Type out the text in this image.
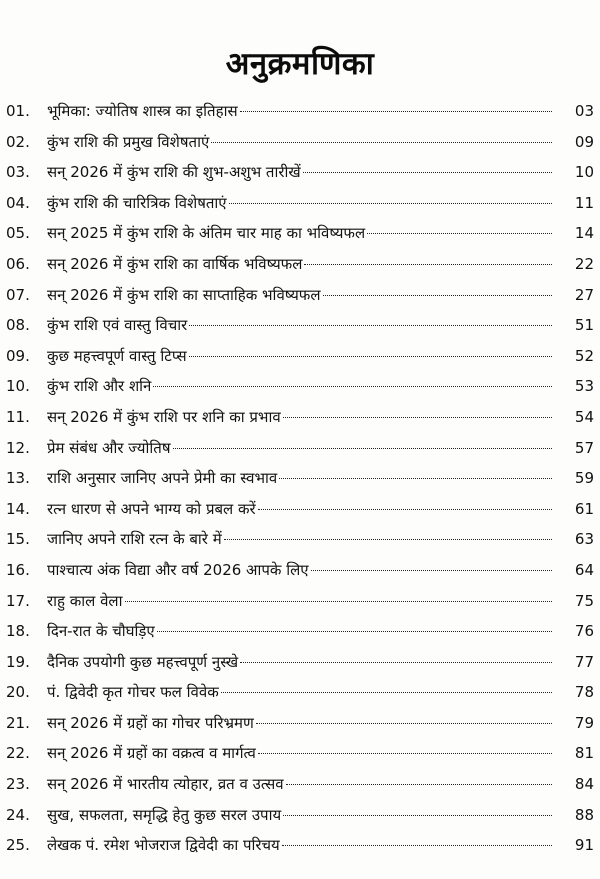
अनुक्रमणिका
01.	भूमिका: ज्योतिष शास्त्र का इतिहास	03
02.	कुंभ राशि की प्रमुख विशेषताएं	09
03.	सन् 2026 में कुंभ राशि की शुभ-अशुभ तारीखें	10
04.	कुंभ राशि की चारित्रिक विशेषताएं	11
05.	सन् 2025 में कुंभ राशि के अंतिम चार माह का भविष्यफल	14
06.	सन् 2026 में कुंभ राशि का वार्षिक भविष्यफल	22
07.	सन् 2026 में कुंभ राशि का साप्ताहिक भविष्यफल	27
08.	कुंभ राशि एवं वास्तु विचार	51
09.	कुछ महत्त्वपूर्ण वास्तु टिप्स	52
10.	कुंभ राशि और शनि	53
11.	सन् 2026 में कुंभ राशि पर शनि का प्रभाव	54
12.	प्रेम संबंध और ज्योतिष	57
13.	राशि अनुसार जानिए अपने प्रेमी का स्वभाव	59
14.	रत्न धारण से अपने भाग्य को प्रबल करें	61
15.	जानिए अपने राशि रत्न के बारे में	63
16.	पाश्चात्य अंक विद्या और वर्ष 2026 आपके लिए	64
17.	राहु काल वेला	75
18.	दिन-रात के चौघड़िए	76
19.	दैनिक उपयोगी कुछ महत्त्वपूर्ण नुस्खे	77
20.	पं. द्विवेदी कृत गोचर फल विवेक	78
21.	सन् 2026 में ग्रहों का गोचर परिभ्रमण	79
22.	सन् 2026 में ग्रहों का वक्रत्व व मार्गत्व	81
23.	सन् 2026 में भारतीय त्योहार, व्रत व उत्सव	84
24.	सुख, सफलता, समृद्धि हेतु कुछ सरल उपाय	88
25.	लेखक पं. रमेश भोजराज द्विवेदी का परिचय	91
